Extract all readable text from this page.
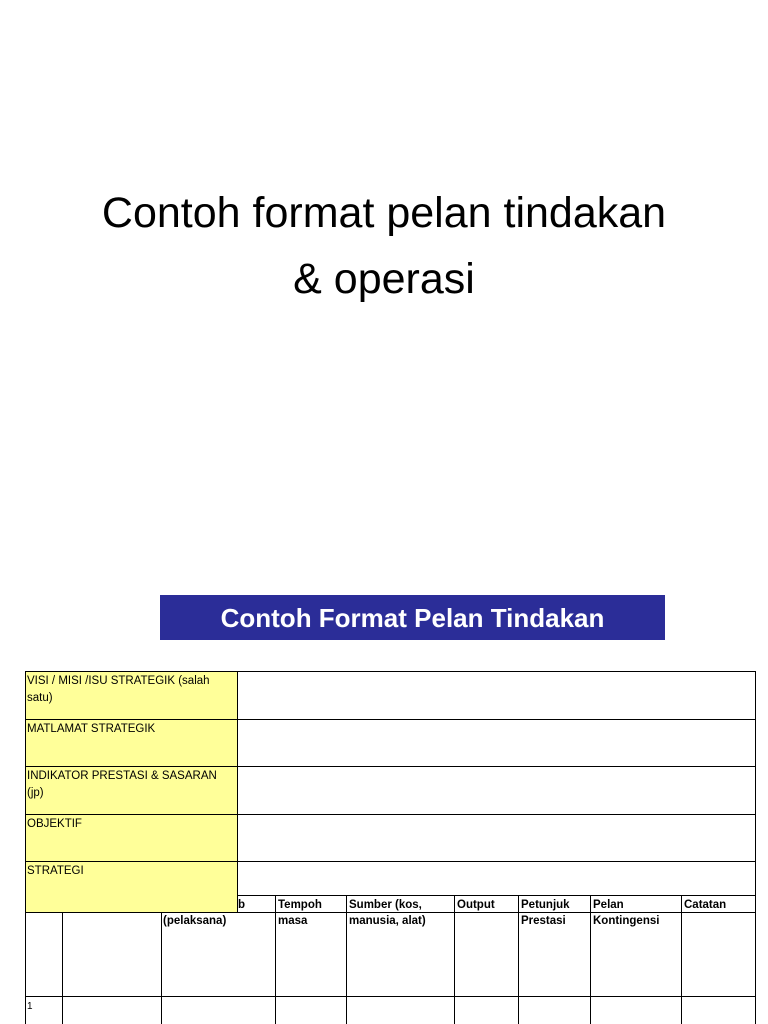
Contoh format pelan tindakan
& operasi
Contoh Format Pelan Tindakan
VISI / MISI /ISU STRATEGIK (salah satu)
MATLAMAT STRATEGIK
INDIKATOR PRESTASI & SASARAN (jp)
OBJEKTIF
STRATEGI
b
(pelaksana)
Tempoh
masa
Sumber (kos,
manusia, alat)
Output	Petunjuk
Prestasi
Pelan
Kontingensi
Catatan
1
